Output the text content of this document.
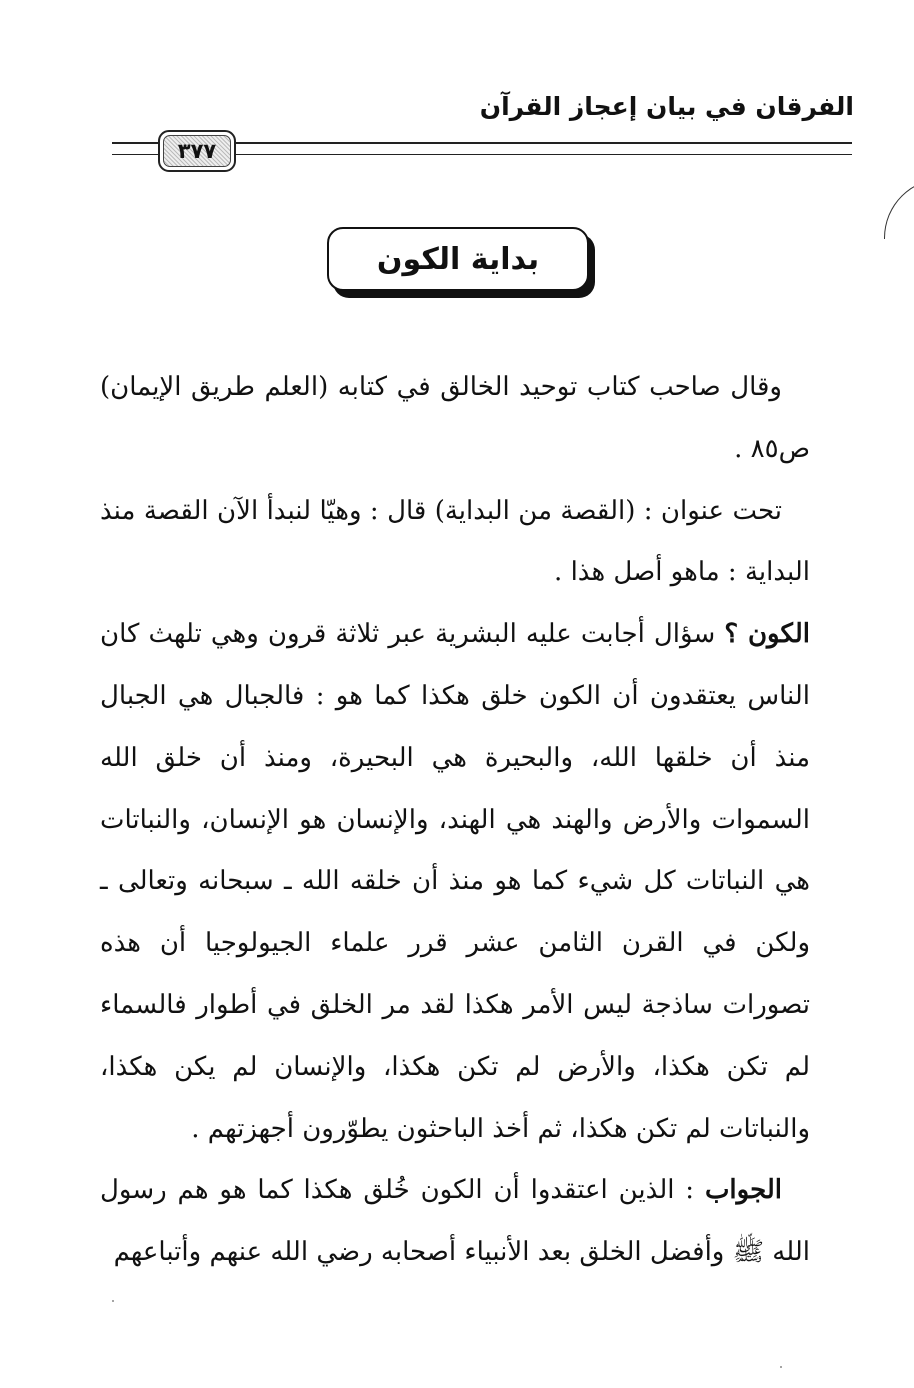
الفرقان في بيان إعجاز القرآن
٣٧٧
بداية الكون

وقال صاحب كتاب توحيد الخالق في كتابه (العلم طريق الإيمان) ص٨٥ .

تحت عنوان : (القصة من البداية) قال : وهيّا لنبدأ الآن القصة منذ البداية : ماهو أصل هذا .

الكون ؟ سؤال أجابت عليه البشرية عبر ثلاثة قرون وهي تلهث كان الناس يعتقدون أن الكون خلق هكذا كما هو : فالجبال هي الجبال منذ أن خلقها الله، والبحيرة هي البحيرة، ومنذ أن خلق الله السموات والأرض والهند هي الهند، والإنسان هو الإنسان، والنباتات هي النباتات كل شيء كما هو منذ أن خلقه الله ـ سبحانه وتعالى ـ ولكن في القرن الثامن عشر قرر علماء الجيولوجيا أن هذه تصورات ساذجة ليس الأمر هكذا لقد مر الخلق في أطوار فالسماء لم تكن هكذا، والأرض لم تكن هكذا، والإنسان لم يكن هكذا، والنباتات لم تكن هكذا، ثم أخذ الباحثون يطوّرون أجهزتهم .

الجواب : الذين اعتقدوا أن الكون خُلق هكذا كما هو هم رسول الله ﷺ وأفضل الخلق بعد الأنبياء أصحابه رضي الله عنهم وأتباعهم
